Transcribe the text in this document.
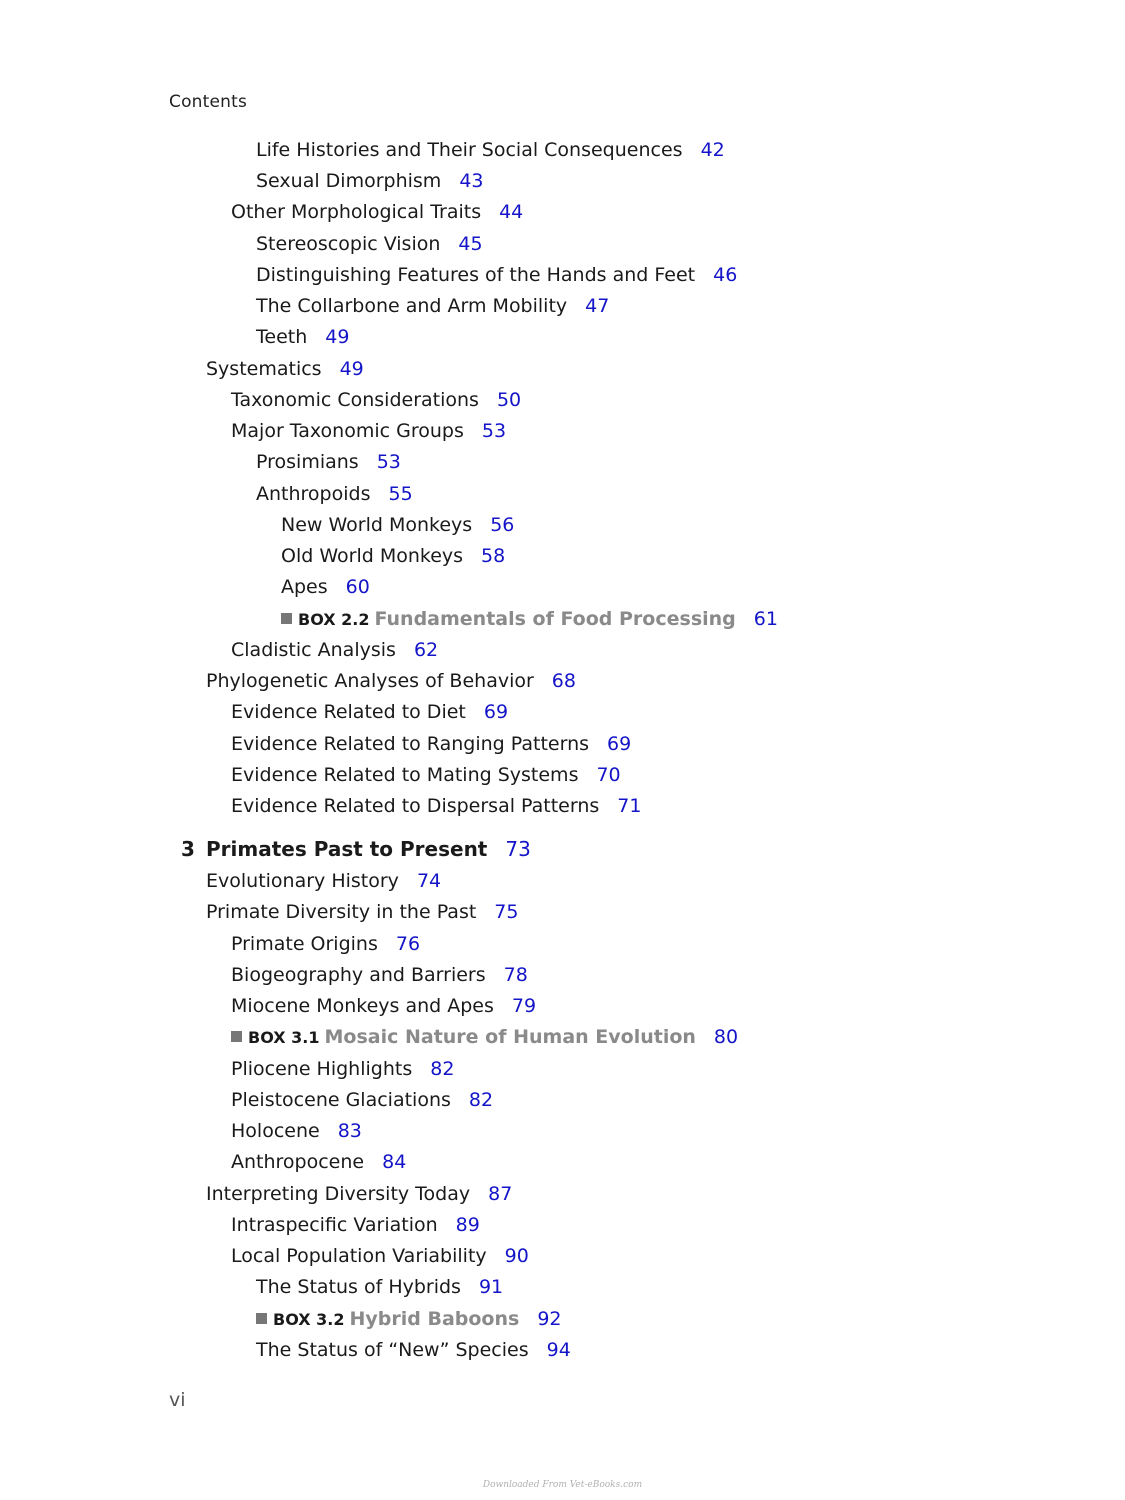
Contents
Life Histories and Their Social Consequences 42
Sexual Dimorphism 43
Other Morphological Traits 44
Stereoscopic Vision 45
Distinguishing Features of the Hands and Feet 46
The Collarbone and Arm Mobility 47
Teeth 49
Systematics 49
Taxonomic Considerations 50
Major Taxonomic Groups 53
Prosimians 53
Anthropoids 55
New World Monkeys 56
Old World Monkeys 58
Apes 60
BOX 2.2 Fundamentals of Food Processing 61
Cladistic Analysis 62
Phylogenetic Analyses of Behavior 68
Evidence Related to Diet 69
Evidence Related to Ranging Patterns 69
Evidence Related to Mating Systems 70
Evidence Related to Dispersal Patterns 71
3 Primates Past to Present 73
Evolutionary History 74
Primate Diversity in the Past 75
Primate Origins 76
Biogeography and Barriers 78
Miocene Monkeys and Apes 79
BOX 3.1 Mosaic Nature of Human Evolution 80
Pliocene Highlights 82
Pleistocene Glaciations 82
Holocene 83
Anthropocene 84
Interpreting Diversity Today 87
Intraspecific Variation 89
Local Population Variability 90
The Status of Hybrids 91
BOX 3.2 Hybrid Baboons 92
The Status of “New” Species 94
vi
Downloaded From Vet-eBooks.com
